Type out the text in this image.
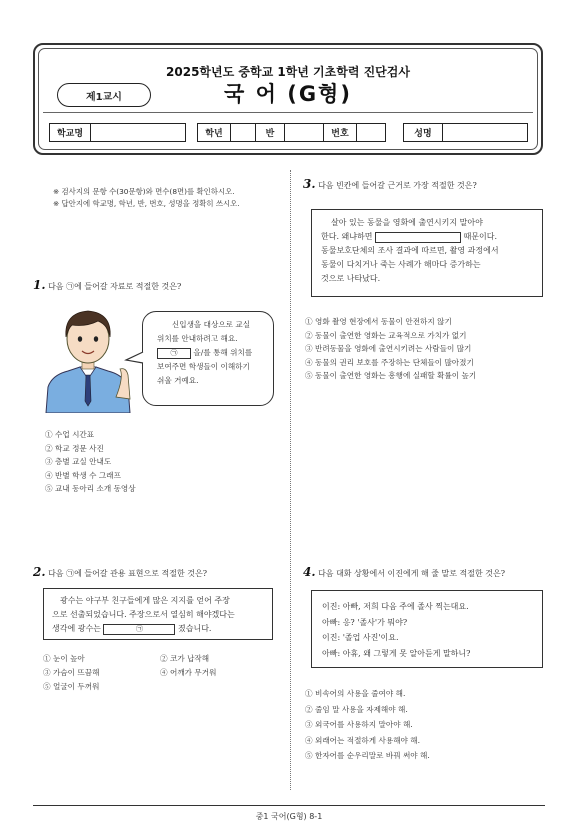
2025학년도 중학교 1학년 기초학력 진단검사
제1교시	국 어 (G형)
학교명	학년	반	번호	성명
※ 검사지의 문항 수(30문항)와 면수(8면)를 확인하시오.
※ 답안지에 학교명, 학년, 반, 번호, 성명을 정확히 쓰시오.
1. 다음 ㉠에 들어갈 자료로 적절한 것은?
신입생을 대상으로 교실
위치를 안내하려고 해요.
㉠ 을/를 통해 위치를
보여주면 학생들이 이해하기
쉬울 거예요.
① 수업 시간표
② 학교 정문 사진
③ 층별 교실 안내도
④ 반별 학생 수 그래프
⑤ 교내 동아리 소개 동영상
2. 다음 ㉠에 들어갈 관용 표현으로 적절한 것은?
광수는 야구부 친구들에게 많은 지지를 얻어 주장
으로 선출되었습니다. 주장으로서 열심히 해야겠다는
생각에 광수는	㉠	졌습니다.
① 눈이 높아	② 코가 납작해
③ 가슴이 뜨끔해	④ 어깨가 무거워
⑤ 얼굴이 두꺼워
3. 다음 빈칸에 들어갈 근거로 가장 적절한 것은?
살아 있는 동물을 영화에 출연시키지 말아야
한다. 왜냐하면	때문이다.
동물보호단체의 조사 결과에 따르면, 촬영 과정에서
동물이 다치거나 죽는 사례가 해마다 증가하는
것으로 나타났다.
① 영화 촬영 현장에서 동물이 안전하지 않기
② 동물이 출연한 영화는 교육적으로 가치가 없기
③ 반려동물을 영화에 출연시키려는 사람들이 많기
④ 동물의 권리 보호를 주장하는 단체들이 많아졌기
⑤ 동물이 출연한 영화는 흥행에 실패할 확률이 높기
4. 다음 대화 상황에서 이진에게 해 줄 말로 적절한 것은?
이진: 아빠, 저희 다음 주에 졸사 찍는대요.
아빠: 응? '졸사'가 뭐야?
이진: '졸업 사진'이요.
아빠: 아휴, 왜 그렇게 못 알아듣게 말하니?
① 비속어의 사용을 줄여야 해.
② 줄임 말 사용을 자제해야 해.
③ 외국어를 사용하지 말아야 해.
④ 외래어는 적절하게 사용해야 해.
⑤ 한자어를 순우리말로 바꿔 써야 해.
중1 국어(G형) 8-1
